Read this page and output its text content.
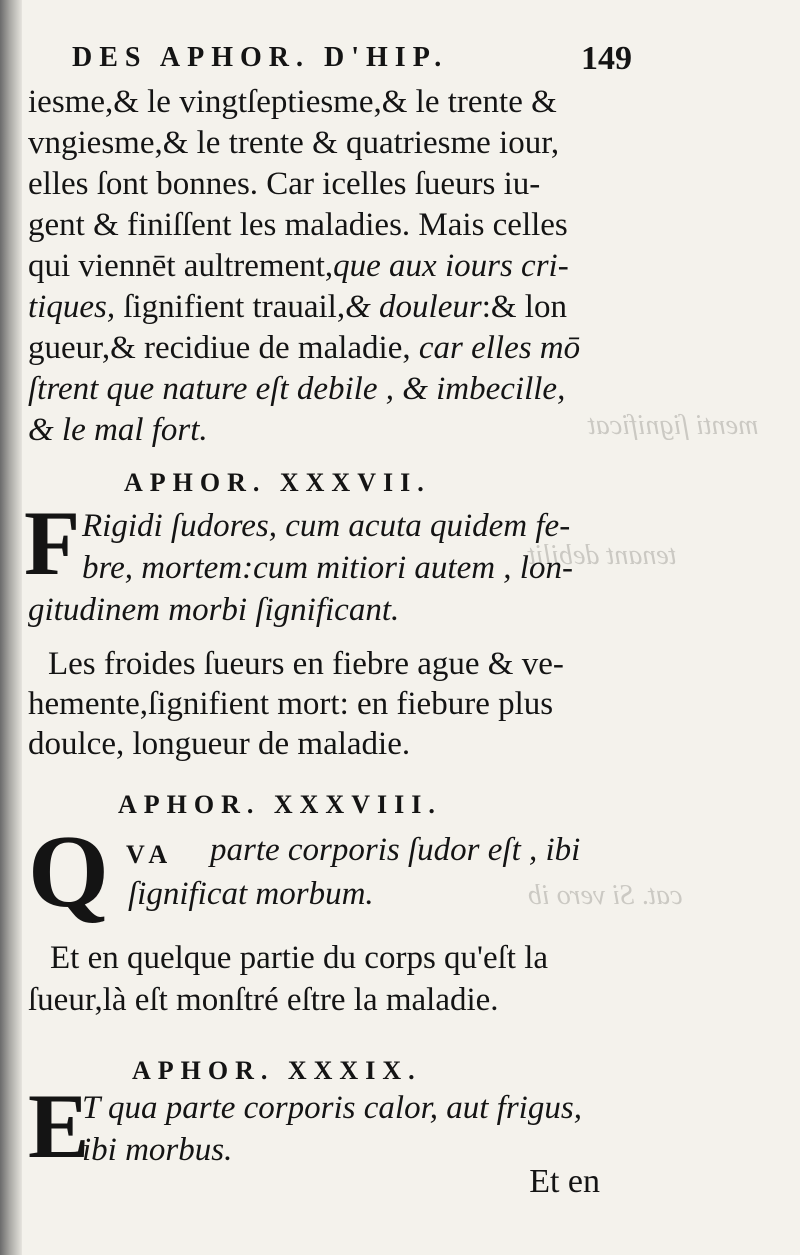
menti ſignificat
tenant debilit
cat. Si vero ib
DES APHOR. D'HIP.	149
iesme,& le vingtſeptiesme,& le trente &
vngiesme,& le trente & quatriesme iour,
elles ſont bonnes. Car icelles ſueurs iu-
gent & finiſſent les maladies. Mais celles
qui viennēt aultrement,que aux iours cri-
tiques, ſignifient trauail,& douleur:& lon
gueur,& recidiue de maladie, car elles mō
ſtrent que nature eſt debile , & imbecille,
& le mal fort.
APHOR. XXXVII.
F Rigidi ſudores, cum acuta quidem fe-
bre, mortem:cum mitiori autem , lon-
gitudinem morbi ſignificant.
Les froides ſueurs en fiebre ague & ve-
hemente,ſignifient mort: en fiebure plus
doulce, longueur de maladie.
APHOR. XXXVIII.
Q VA parte corporis ſudor eſt , ibi
ſignificat morbum.
Et en quelque partie du corps qu'eſt la
ſueur,là eſt monſtré eſtre la maladie.
APHOR. XXXIX.
E
T qua parte corporis calor, aut frigus,
ibi morbus.
Et en
